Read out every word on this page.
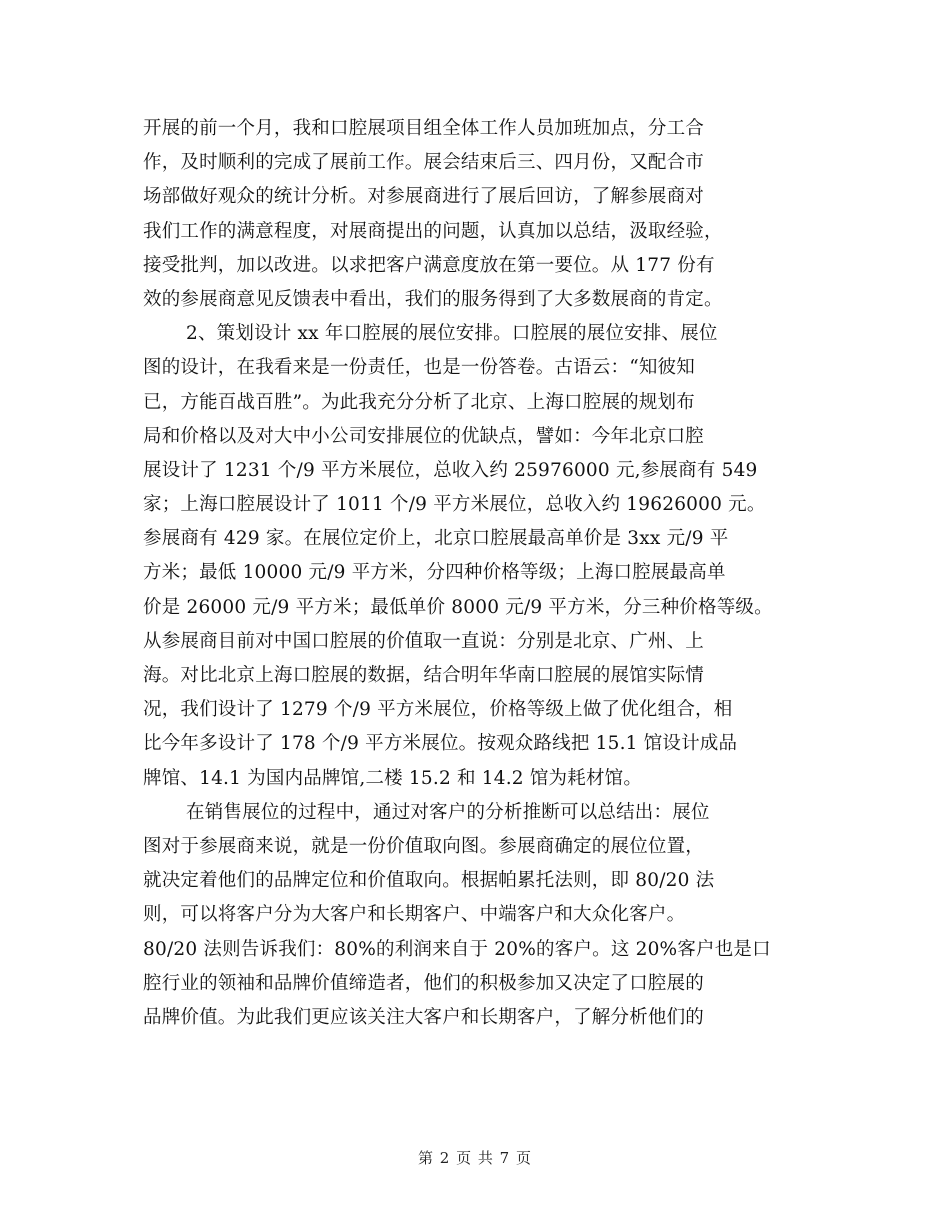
开展的前一个月，我和口腔展项目组全体工作人员加班加点，分工合
作，及时顺利的完成了展前工作。展会结束后三、四月份，又配合市
场部做好观众的统计分析。对参展商进行了展后回访，了解参展商对
我们工作的满意程度，对展商提出的问题，认真加以总结，汲取经验，
接受批判，加以改进。以求把客户满意度放在第一要位。从 177 份有
效的参展商意见反馈表中看出，我们的服务得到了大多数展商的肯定。
2、策划设计 xx 年口腔展的展位安排。口腔展的展位安排、展位
图的设计，在我看来是一份责任，也是一份答卷。古语云：“知彼知
已，方能百战百胜”。为此我充分分析了北京、上海口腔展的规划布
局和价格以及对大中小公司安排展位的优缺点，譬如：今年北京口腔
展设计了 1231 个/9 平方米展位，总收入约 25976000 元,参展商有 549
家；上海口腔展设计了 1011 个/9 平方米展位，总收入约 19626000 元。
参展商有 429 家。在展位定价上，北京口腔展最高单价是 3xx 元/9 平
方米；最低 10000 元/9 平方米，分四种价格等级；上海口腔展最高单
价是 26000 元/9 平方米；最低单价 8000 元/9 平方米，分三种价格等级。
从参展商目前对中国口腔展的价值取一直说：分别是北京、广州、上
海。对比北京上海口腔展的数据，结合明年华南口腔展的展馆实际情
况，我们设计了 1279 个/9 平方米展位，价格等级上做了优化组合，相
比今年多设计了 178 个/9 平方米展位。按观众路线把 15.1 馆设计成品
牌馆、14.1 为国内品牌馆,二楼 15.2 和 14.2 馆为耗材馆。
在销售展位的过程中，通过对客户的分析推断可以总结出：展位
图对于参展商来说，就是一份价值取向图。参展商确定的展位位置，
就决定着他们的品牌定位和价值取向。根据帕累托法则，即 80/20 法
则，可以将客户分为大客户和长期客户、中端客户和大众化客户。
80/20 法则告诉我们：80%的利润来自于 20%的客户。这 20%客户也是口
腔行业的领袖和品牌价值缔造者，他们的积极参加又决定了口腔展的
品牌价值。为此我们更应该关注大客户和长期客户，了解分析他们的
第 2 页 共 7 页
